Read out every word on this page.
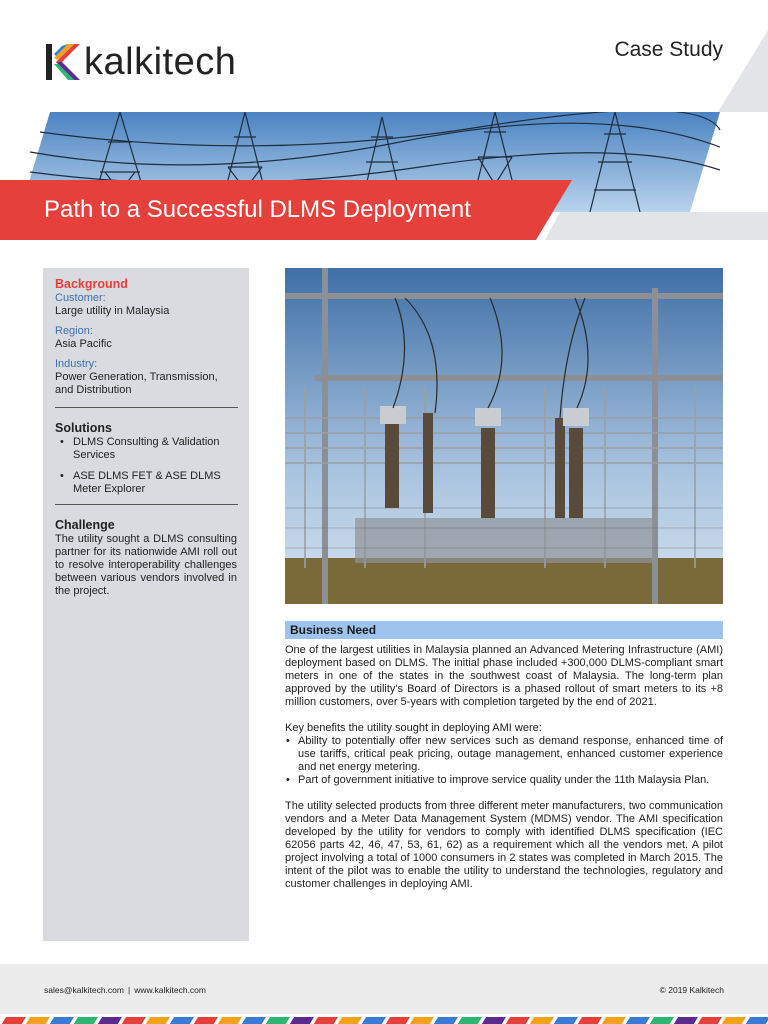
kalkitech	Case Study
Path to a Successful DLMS Deployment
Background
Customer:
Large utility in Malaysia
Region:
Asia Pacific
Industry:
Power Generation, Transmission, and Distribution
Solutions
• DLMS Consulting & Validation Services
• ASE DLMS FET & ASE DLMS Meter Explorer
Challenge
The utility sought a DLMS consulting partner for its nationwide AMI roll out to resolve interoperability challenges between various vendors involved in the project.
Business Need

One of the largest utilities in Malaysia planned an Advanced Metering Infrastructure (AMI) deployment based on DLMS. The initial phase included +300,000 DLMS-compliant smart meters in one of the states in the southwest coast of Malaysia. The long-term plan approved by the utility's Board of Directors is a phased rollout of smart meters to its +8 million customers, over 5-years with completion targeted by the end of 2021.

Key benefits the utility sought in deploying AMI were:
• Ability to potentially offer new services such as demand response, enhanced time of use tariffs, critical peak pricing, outage management, enhanced customer experience and net energy metering.
• Part of government initiative to improve service quality under the 11th Malaysia Plan.

The utility selected products from three different meter manufacturers, two communication vendors and a Meter Data Management System (MDMS) vendor. The AMI specification developed by the utility for vendors to comply with identified DLMS specification (IEC 62056 parts 42, 46, 47, 53, 61, 62) as a requirement which all the vendors met. A pilot project involving a total of 1000 consumers in 2 states was completed in March 2015. The intent of the pilot was to enable the utility to understand the technologies, regulatory and customer challenges in deploying AMI.

sales@kalkitech.com | www.kalkitech.com	© 2019 Kalkitech
